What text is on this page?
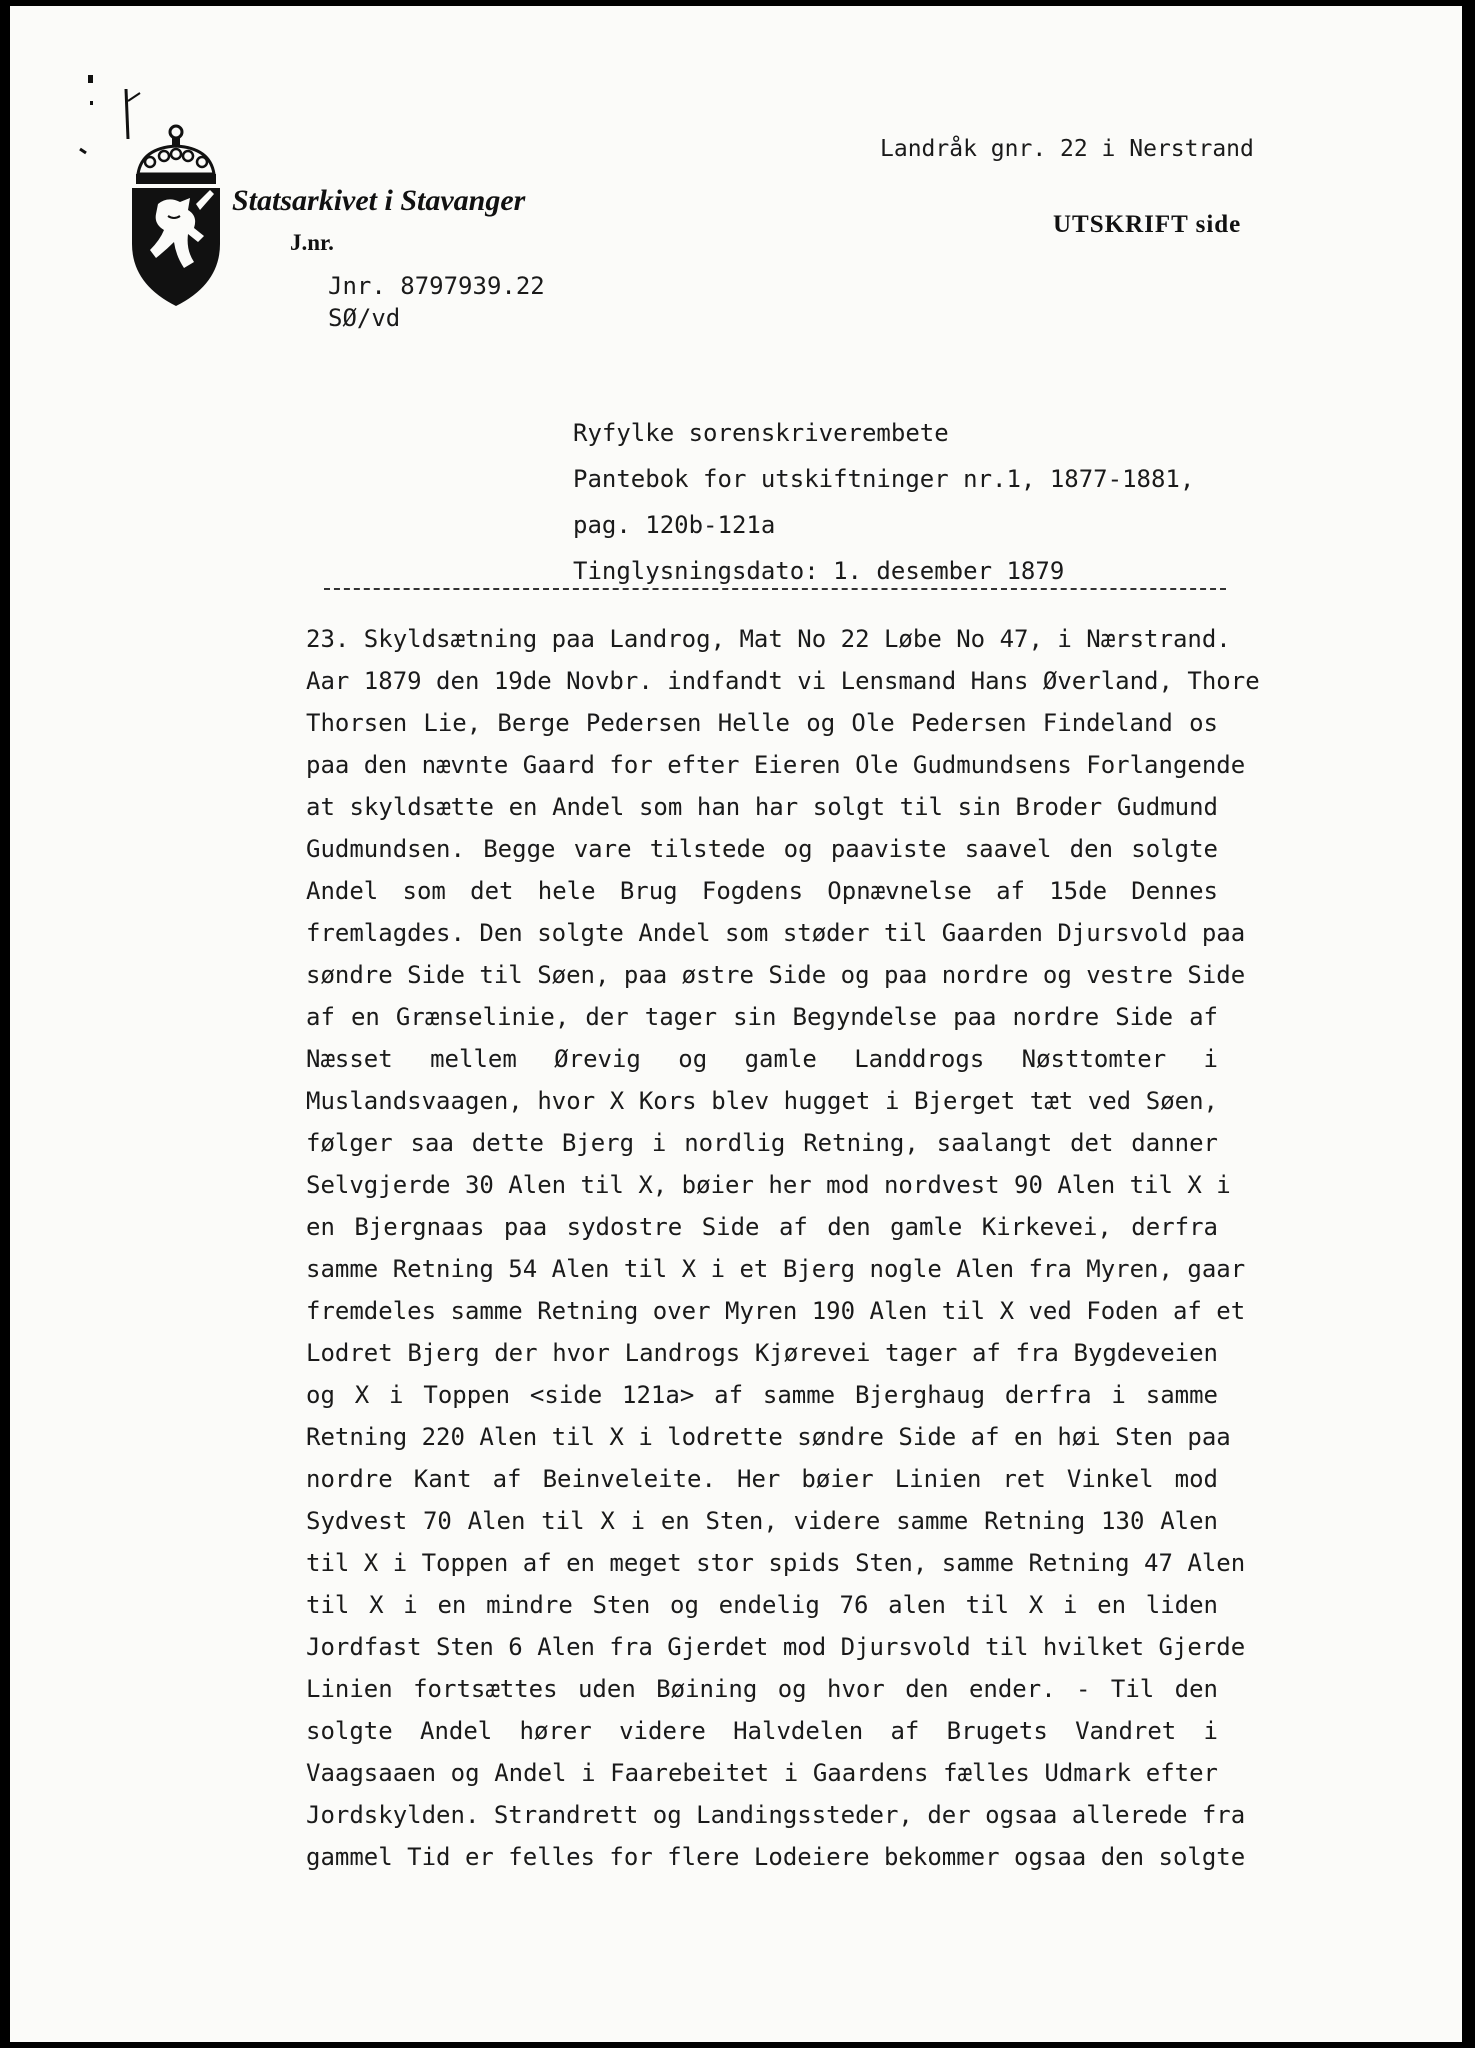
Statsarkivet i Stavanger
J.nr.
Jnr. 8797939.22
SØ/vd
Landråk gnr. 22 i Nerstrand
UTSKRIFT side
Ryfylke sorenskriverembete
Pantebok for utskiftninger nr.1, 1877-1881,
pag. 120b-121a
Tinglysningsdato: 1. desember 1879
23. Skyldsætning paa Landrog, Mat No 22 Løbe No 47, i Nærstrand.
Aar 1879 den 19de Novbr. indfandt vi Lensmand Hans Øverland, Thore
Thorsen Lie, Berge Pedersen Helle og Ole Pedersen Findeland os
paa den nævnte Gaard for efter Eieren Ole Gudmundsens Forlangende
at skyldsætte en Andel som han har solgt til sin Broder Gudmund
Gudmundsen. Begge vare tilstede og paaviste saavel den solgte
Andel som det hele Brug Fogdens Opnævnelse af 15de Dennes
fremlagdes. Den solgte Andel som støder til Gaarden Djursvold paa
søndre Side til Søen, paa østre Side og paa nordre og vestre Side
af en Grænselinie, der tager sin Begyndelse paa nordre Side af
Næsset mellem Ørevig og gamle Landdrogs Nøsttomter i
Muslandsvaagen, hvor X Kors blev hugget i Bjerget tæt ved Søen,
følger saa dette Bjerg i nordlig Retning, saalangt det danner
Selvgjerde 30 Alen til X, bøier her mod nordvest 90 Alen til X i
en Bjergnaas paa sydostre Side af den gamle Kirkevei, derfra
samme Retning 54 Alen til X i et Bjerg nogle Alen fra Myren, gaar
fremdeles samme Retning over Myren 190 Alen til X ved Foden af et
Lodret Bjerg der hvor Landrogs Kjørevei tager af fra Bygdeveien
og X i Toppen <side 121a> af samme Bjerghaug derfra i samme
Retning 220 Alen til X i lodrette søndre Side af en høi Sten paa
nordre Kant af Beinveleite. Her bøier Linien ret Vinkel mod
Sydvest 70 Alen til X i en Sten, videre samme Retning 130 Alen
til X i Toppen af en meget stor spids Sten, samme Retning 47 Alen
til X i en mindre Sten og endelig 76 alen til X i en liden
Jordfast Sten 6 Alen fra Gjerdet mod Djursvold til hvilket Gjerde
Linien fortsættes uden Bøining og hvor den ender. - Til den
solgte Andel hører videre Halvdelen af Brugets Vandret i
Vaagsaaen og Andel i Faarebeitet i Gaardens fælles Udmark efter
Jordskylden. Strandrett og Landingssteder, der ogsaa allerede fra
gammel Tid er felles for flere Lodeiere bekommer ogsaa den solgte
